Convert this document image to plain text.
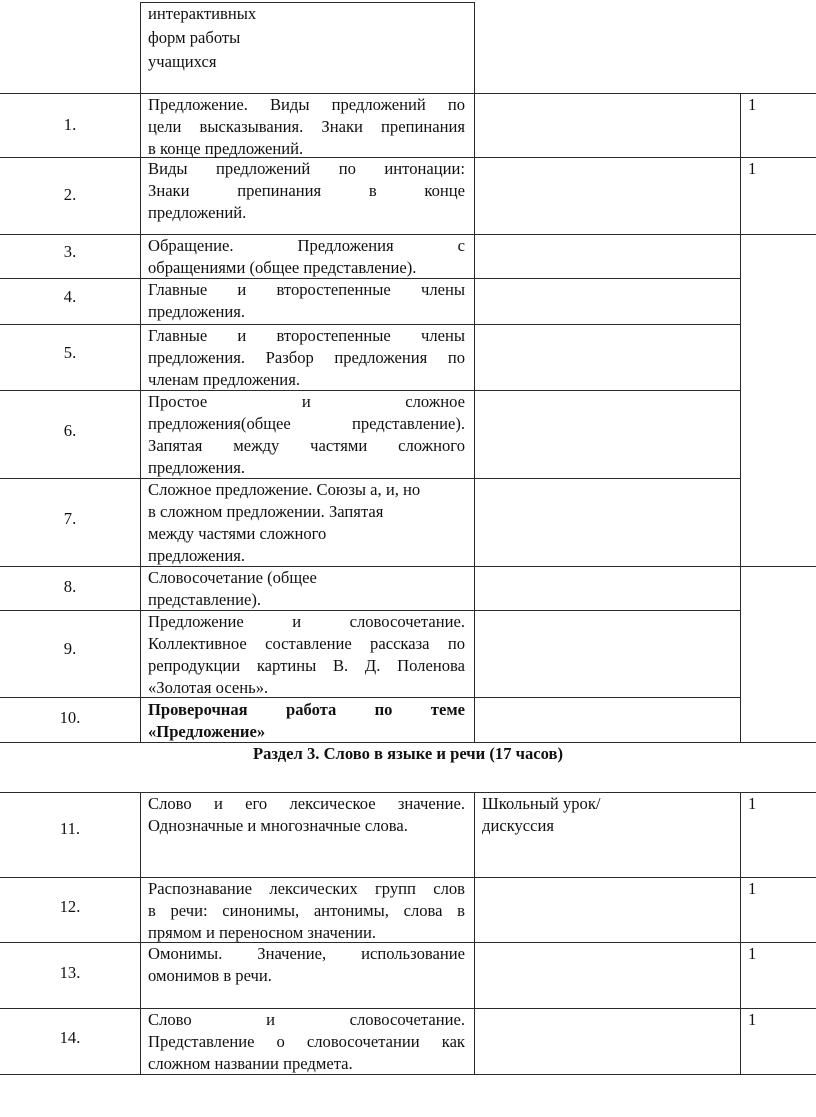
интерактивных форм работы учащихся
1.
2.
3.
4.
5.
6.
7.
8.
9.
10.
11.
12.
13.
14.
Предложение. Виды предложений по
цели высказывания. Знаки препинания

в конце предложений.
Виды предложений по интонации:
Знаки препинания в конце

предложений.
Обращение. Предложения с

обращениями (общее представление).
Главные и второстепенные члены

предложения.
Главные и второстепенные члены
предложения. Разбор предложения по

членам предложения.
Простое и сложное
предложения(общее представление).
Запятая между частями сложного

предложения.
Сложное предложение. Союзы а, и, но
в сложном предложении. Запятая
между частями сложного
предложения.
Словосочетание (общее
представление).
Предложение и словосочетание.
Коллективное составление рассказа по
репродукции картины В. Д. Поленова

«Золотая осень».
Проверочная работа по теме

«Предложение»
Раздел 3. Слово в языке и речи (17 часов)
Слово и его лексическое значение.

Однозначные и многозначные слова.
Школьный урок/
дискуссия
Распознавание лексических групп слов
в речи: синонимы, антонимы, слова в

прямом и переносном значении.
Омонимы. Значение, использование

омонимов в речи.
Слово и словосочетание.
Представление о словосочетании как

сложном названии предмета.
1
1
1
1
1
1
